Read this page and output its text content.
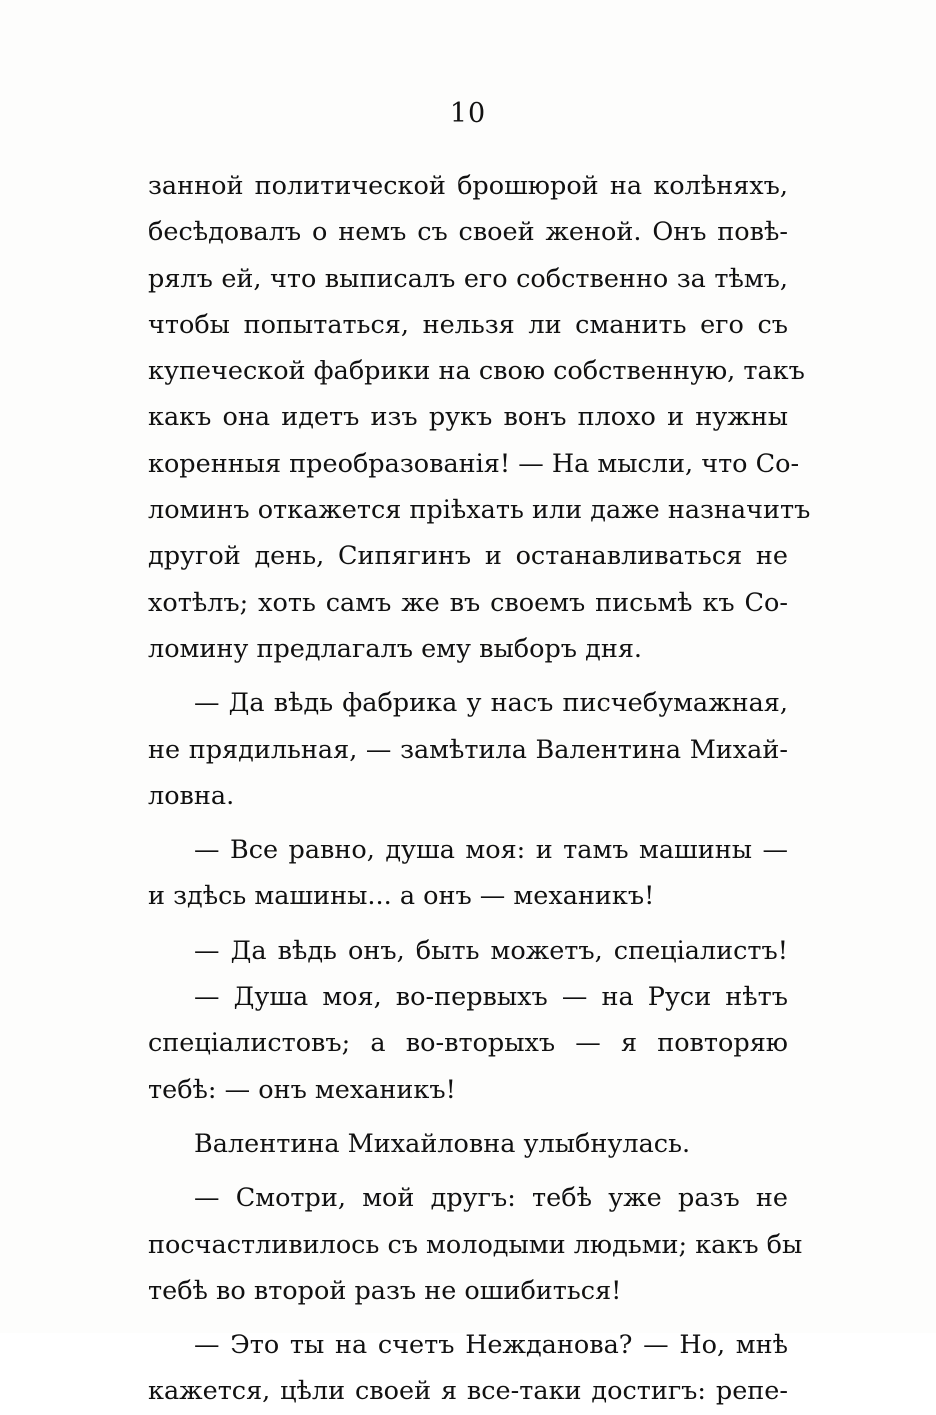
10
занной политической брошюрой на колѣняхъ,
бесѣдовалъ о немъ съ своей женой. Онъ повѣ-
рялъ ей, что выписалъ его собственно за тѣмъ,
чтобы попытаться, нельзя ли сманить его съ
купеческой фабрики на свою собственную, такъ
какъ она идетъ изъ рукъ вонъ плохо и нужны
коренныя преобразованія! — На мысли, что Со-
ломинъ откажется пріѣхать или даже назначитъ
другой день, Сипягинъ и останавливаться не
хотѣлъ; хоть самъ же въ своемъ письмѣ къ Со-
ломину предлагалъ ему выборъ дня.
— Да вѣдь фабрика у насъ писчебумажная,
не прядильная, — замѣтила Валентина Михай-
ловна.
— Все равно, душа моя: и тамъ машины —
и здѣсь машины... а онъ — механикъ!
— Да вѣдь онъ, быть можетъ, спеціалистъ!
— Душа моя, во-первыхъ — на Руси нѣтъ
спеціалистовъ; а во-вторыхъ — я повторяю
тебѣ: — онъ механикъ!
Валентина Михайловна улыбнулась.
— Смотри, мой другъ: тебѣ уже разъ не
посчастливилось съ молодыми людьми; какъ бы
тебѣ во второй разъ не ошибиться!
— Это ты на счетъ Нежданова? — Но, мнѣ
кажется, цѣли своей я все-таки достигъ: репе-
